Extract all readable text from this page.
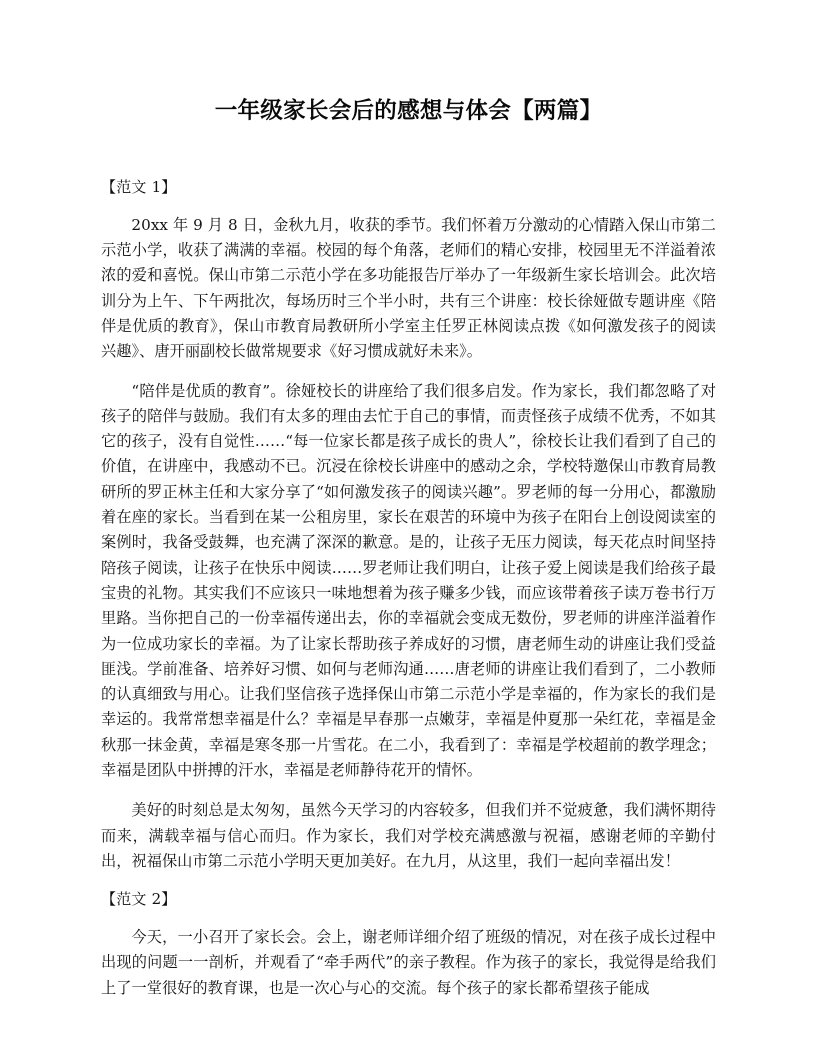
一年级家长会后的感想与体会【两篇】

【范文 1】

20xx 年 9 月 8 日，金秋九月，收获的季节。我们怀着万分激动的心情踏入保山市第二示范小学，收获了满满的幸福。校园的每个角落，老师们的精心安排，校园里无不洋溢着浓浓的爱和喜悦。保山市第二示范小学在多功能报告厅举办了一年级新生家长培训会。此次培训分为上午、下午两批次，每场历时三个半小时，共有三个讲座：校长徐娅做专题讲座《陪伴是优质的教育》，保山市教育局教研所小学室主任罗正林阅读点拨《如何激发孩子的阅读兴趣》、唐开丽副校长做常规要求《好习惯成就好未来》。

“陪伴是优质的教育”。徐娅校长的讲座给了我们很多启发。作为家长，我们都忽略了对孩子的陪伴与鼓励。我们有太多的理由去忙于自己的事情，而责怪孩子成绩不优秀，不如其它的孩子，没有自觉性……“每一位家长都是孩子成长的贵人”，徐校长让我们看到了自己的价值，在讲座中，我感动不已。沉浸在徐校长讲座中的感动之余，学校特邀保山市教育局教研所的罗正林主任和大家分享了“如何激发孩子的阅读兴趣”。罗老师的每一分用心，都激励着在座的家长。当看到在某一公租房里，家长在艰苦的环境中为孩子在阳台上创设阅读室的案例时，我备受鼓舞，也充满了深深的歉意。是的，让孩子无压力阅读，每天花点时间坚持陪孩子阅读，让孩子在快乐中阅读……罗老师让我们明白，让孩子爱上阅读是我们给孩子最宝贵的礼物。其实我们不应该只一味地想着为孩子赚多少钱，而应该带着孩子读万卷书行万里路。当你把自己的一份幸福传递出去，你的幸福就会变成无数份，罗老师的讲座洋溢着作为一位成功家长的幸福。为了让家长帮助孩子养成好的习惯，唐老师生动的讲座让我们受益匪浅。学前准备、培养好习惯、如何与老师沟通……唐老师的讲座让我们看到了，二小教师的认真细致与用心。让我们坚信孩子选择保山市第二示范小学是幸福的，作为家长的我们是幸运的。我常常想幸福是什么？幸福是早春那一点嫩芽，幸福是仲夏那一朵红花，幸福是金秋那一抹金黄，幸福是寒冬那一片雪花。在二小，我看到了：幸福是学校超前的教学理念；幸福是团队中拼搏的汗水，幸福是老师静待花开的情怀。

美好的时刻总是太匆匆，虽然今天学习的内容较多，但我们并不觉疲惫，我们满怀期待而来，满载幸福与信心而归。作为家长，我们对学校充满感激与祝福，感谢老师的辛勤付出，祝福保山市第二示范小学明天更加美好。在九月，从这里，我们一起向幸福出发！

【范文 2】

今天，一小召开了家长会。会上，谢老师详细介绍了班级的情况，对在孩子成长过程中出现的问题一一剖析，并观看了“牵手两代”的亲子教程。作为孩子的家长，我觉得是给我们上了一堂很好的教育课，也是一次心与心的交流。每个孩子的家长都希望孩子能成
